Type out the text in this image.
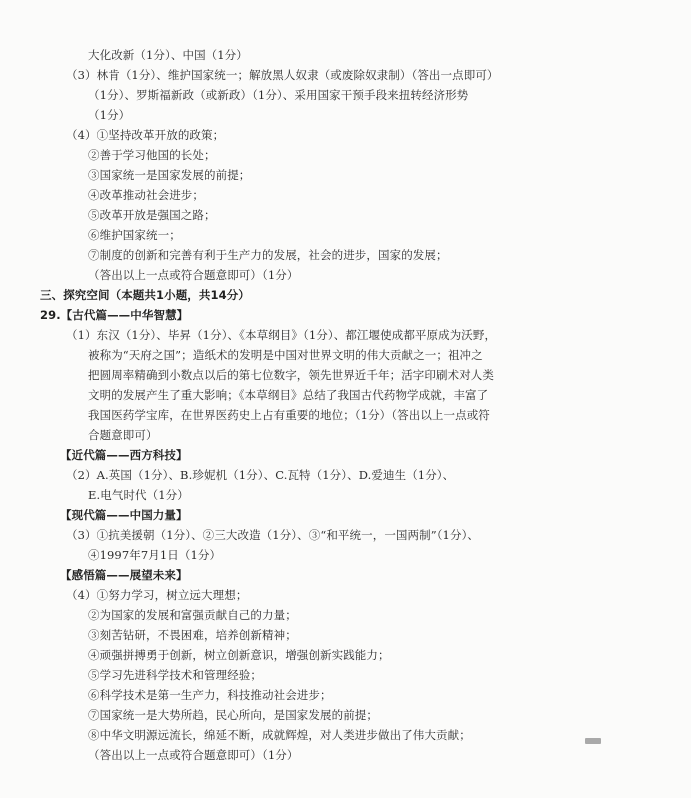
大化改新（1分）、中国（1分）
（3）林肯（1分）、维护国家统一；解放黑人奴隶（或废除奴隶制）（答出一点即可）
（1分）、罗斯福新政（或新政）（1分）、采用国家干预手段来扭转经济形势
（1分）
（4）①坚持改革开放的政策；
②善于学习他国的长处；
③国家统一是国家发展的前提；
④改革推动社会进步；
⑤改革开放是强国之路；
⑥维护国家统一；
⑦制度的创新和完善有利于生产力的发展，社会的进步，国家的发展；
（答出以上一点或符合题意即可）（1分）
三、探究空间（本题共1小题，共14分）
29.【古代篇——中华智慧】
（1）东汉（1分）、毕昇（1分）、《本草纲目》（1分）、都江堰使成都平原成为沃野，
被称为“天府之国”；造纸术的发明是中国对世界文明的伟大贡献之一；祖冲之
把圆周率精确到小数点以后的第七位数字，领先世界近千年；活字印刷术对人类
文明的发展产生了重大影响；《本草纲目》总结了我国古代药物学成就，丰富了
我国医药学宝库，在世界医药史上占有重要的地位；（1分）（答出以上一点或符
合题意即可）
【近代篇——西方科技】
（2）A.英国（1分）、B.珍妮机（1分）、C.瓦特（1分）、D.爱迪生（1分）、
E.电气时代（1分）
【现代篇——中国力量】
（3）①抗美援朝（1分）、②三大改造（1分）、③“和平统一，一国两制”（1分）、
④1997年7月1日（1分）
【感悟篇——展望未来】
（4）①努力学习，树立远大理想；
②为国家的发展和富强贡献自己的力量；
③刻苦钻研，不畏困难，培养创新精神；
④顽强拼搏勇于创新，树立创新意识，增强创新实践能力；
⑤学习先进科学技术和管理经验；
⑥科学技术是第一生产力，科技推动社会进步；
⑦国家统一是大势所趋，民心所向，是国家发展的前提；
⑧中华文明源远流长，绵延不断，成就辉煌，对人类进步做出了伟大贡献；
（答出以上一点或符合题意即可）（1分）
